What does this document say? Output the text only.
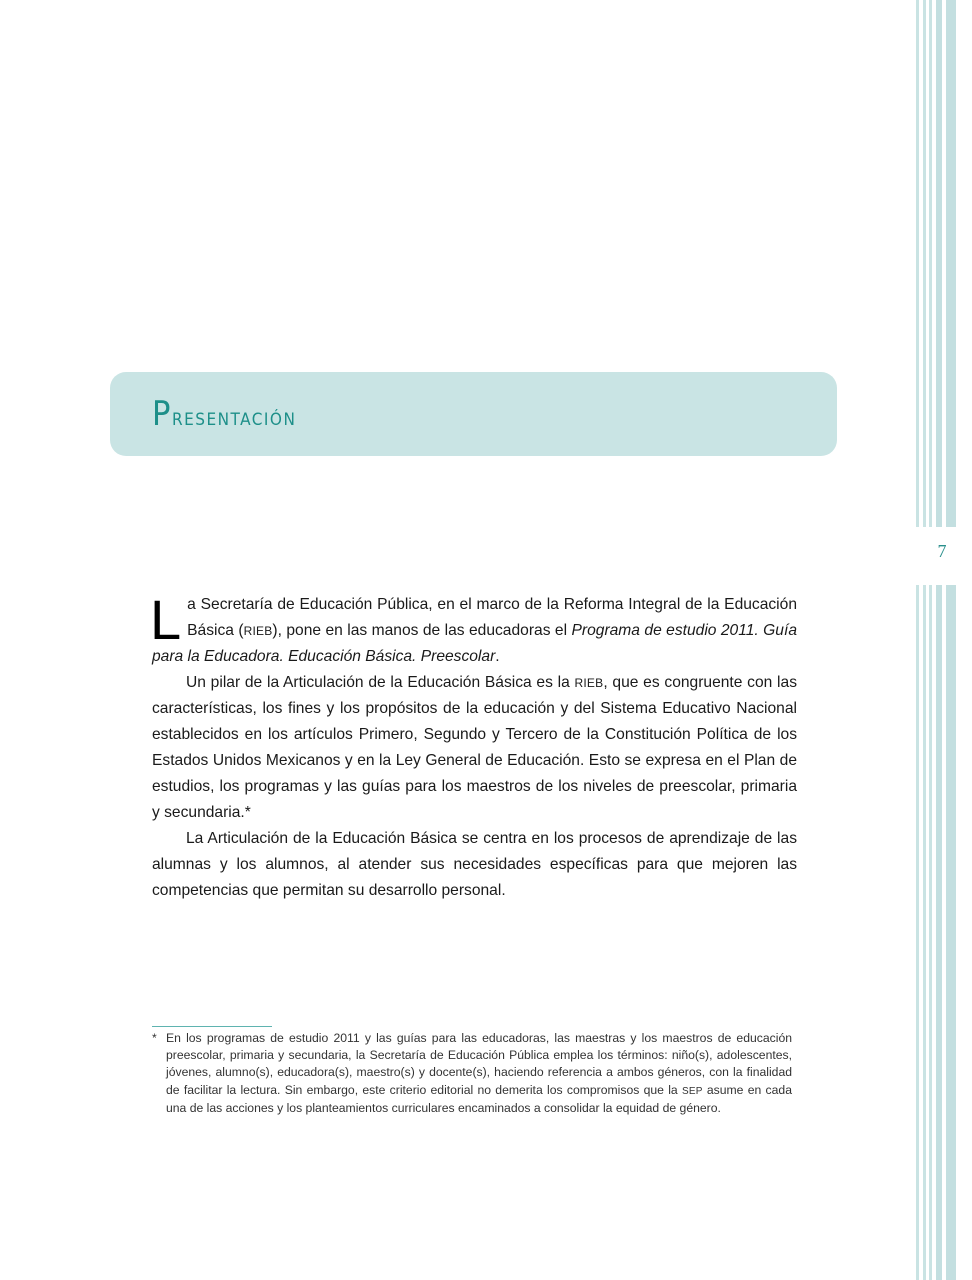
7
Presentación

La Secretaría de Educación Pública, en el marco de la Reforma Integral de la Educación Básica (RIEB), pone en las manos de las educadoras el Programa de estudio 2011. Guía para la Educadora. Educación Básica. Preescolar.

Un pilar de la Articulación de la Educación Básica es la RIEB, que es congruente con las características, los fines y los propósitos de la educación y del Sistema Educativo Nacional establecidos en los artículos Primero, Segundo y Tercero de la Constitución Política de los Estados Unidos Mexicanos y en la Ley General de Educación. Esto se expresa en el Plan de estudios, los programas y las guías para los maestros de los niveles de preescolar, primaria y secundaria.*

La Articulación de la Educación Básica se centra en los procesos de aprendizaje de las alumnas y los alumnos, al atender sus necesidades específicas para que mejoren las competencias que permitan su desarrollo personal.

* En los programas de estudio 2011 y las guías para las educadoras, las maestras y los maestros de educación preescolar, primaria y secundaria, la Secretaría de Educación Pública emplea los términos: niño(s), adolescentes, jóvenes, alumno(s), educadora(s), maestro(s) y docente(s), haciendo referencia a ambos géneros, con la finalidad de facilitar la lectura. Sin embargo, este criterio editorial no demerita los compromisos que la SEP asume en cada una de las acciones y los planteamientos curriculares encaminados a consolidar la equidad de género.
